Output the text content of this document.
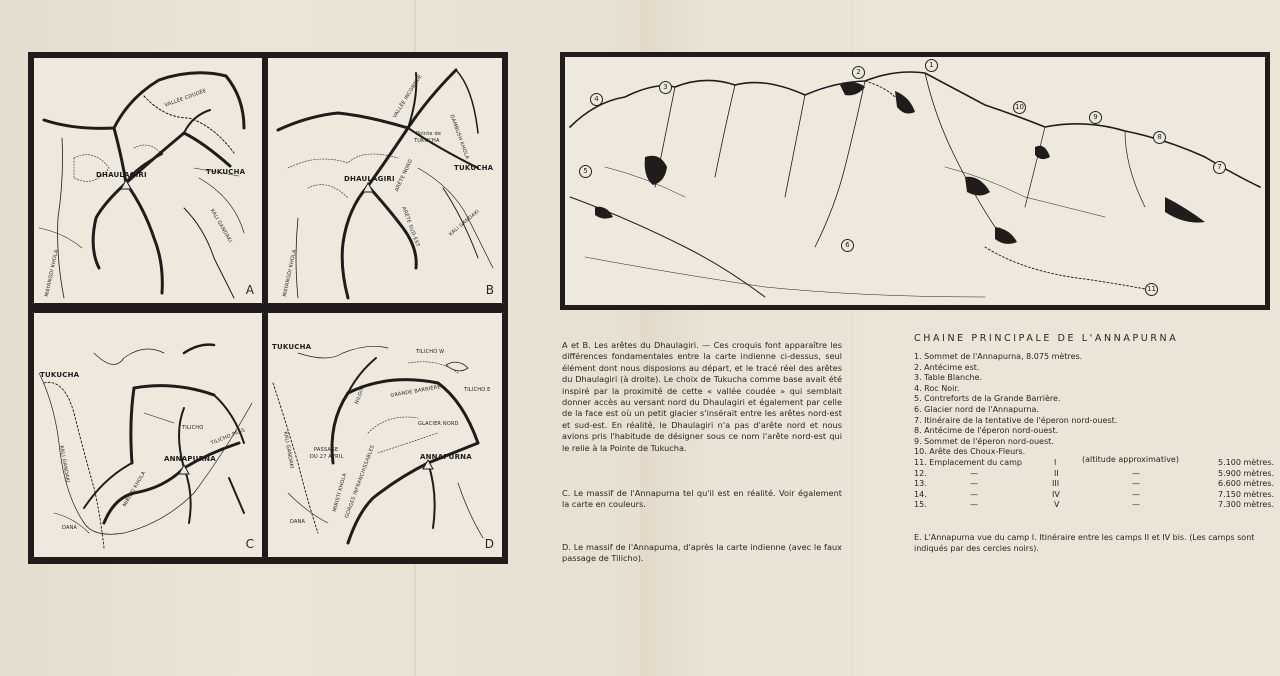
DHAULAGIRI	TUKUCHA
KALI GANDAKI
MAYANGDI KHOLA
VALLÉE COUDÉE
A
DHAULAGIRI
TUKUCHA
Pointe de
TUKUCHA DAMBUSH KHOLA
VALLÉE INCONNUE
ARÊTE NORD
ARÊTE SUD-EST	KALI GANDAKI
MAYANGDI KHOLA	B
TUKUCHA
ANNAPURNA
TILICHO TILICHO PASS
KALI GANDAKI
MIRISTI KHOLA
DANA
C
TUKUCHA
ANNAPURNA
TILICHO W
TILICHO E
GRANDE BARRIÈRE
GLACIER NORD
NILGIRI
KALI GANDAKI	PASSAGE
DU 27 AVRIL
MIRISTI KHOLA
GORGES INFRANCHISSABLES
DANA
D
1
2
3
4
5
6
7
8
9
10
11

A et B. Les arêtes du Dhaulagiri. — Ces croquis font apparaître les différences fondamentales entre la carte indienne ci-dessus, seul élément dont nous disposions au départ, et le tracé réel des arêtes du Dhaulagiri (à droite). Le choix de Tukucha comme base avait été inspiré par la proximité de cette « vallée coudée » qui semblait donner accès au versant nord du Dhaulagiri et également par celle de la face est où un petit glacier s'insérait entre les arêtes nord-est et sud-est. En réalité, le Dhaulagiri n'a pas d'arête nord et nous avions pris l'habitude de désigner sous ce nom l'arête nord-est qui le relie à la Pointe de Tukucha.

C. Le massif de l'Annapurna tel qu'il est en réalité. Voir également la carte en couleurs.
D. Le massif de l'Annapurna, d'après la carte indienne (avec le faux passage de Tilicho).
CHAINE PRINCIPALE DE L'ANNAPURNA
1. Sommet de l'Annapurna, 8.075 mètres.
2. Antécime est.
3. Table Blanche.
4. Roc Noir.
5. Contreforts de la Grande Barrière.
6. Glacier nord de l'Annapurna.
7. Itinéraire de la tentative de l'éperon nord-ouest.
8. Antécime de l'éperon nord-ouest.
9. Sommet de l'éperon nord-ouest.
10. Arête des Choux-Fleurs.
11. Emplacement du camp	I	(altitude approximative)	5.100 mètres.
12.	—	II	—	5.900 mètres.
13.	—	III	—	6.600 mètres.
14.	—	IV	—	7.150 mètres.
15.	—	V	—	7.300 mètres.
E. L'Annapurna vue du camp I. Itinéraire entre les camps II et IV bis. (Les camps sont indiqués par des cercles noirs).
